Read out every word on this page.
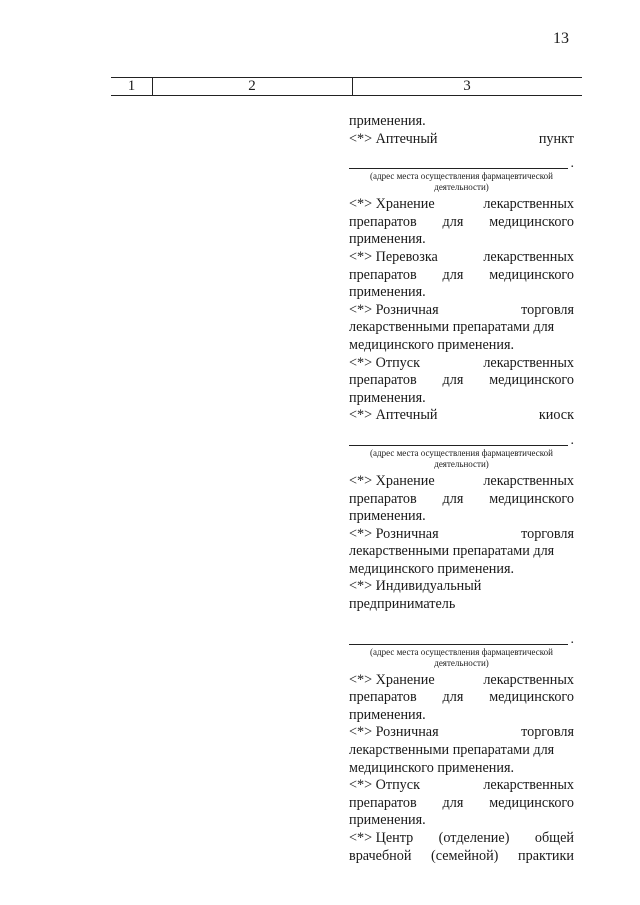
13
1	2	3
применения.
<*> Аптечный	пункт
.
(адрес места осуществления фармацевтической
деятельности)
<*> Хранение	лекарственных
препаратов для медицинского
применения.
<*> Перевозка	лекарственных
препаратов для медицинского
применения.
<*> Розничная	торговля
лекарственными препаратами для
медицинского применения.
<*> Отпуск	лекарственных
препаратов для медицинского
применения.
<*> Аптечный	киоск
.
(адрес места осуществления фармацевтической
деятельности)
<*> Хранение	лекарственных
препаратов для медицинского
применения.
<*> Розничная	торговля
лекарственными препаратами для
медицинского применения.
<*> Индивидуальный
предприниматель
.
(адрес места осуществления фармацевтической
деятельности)
<*> Хранение	лекарственных
препаратов для медицинского
применения.
<*> Розничная	торговля
лекарственными препаратами для
медицинского применения.
<*> Отпуск	лекарственных
препаратов для медицинского
применения.
<*> Центр (отделение) общей
врачебной (семейной) практики
